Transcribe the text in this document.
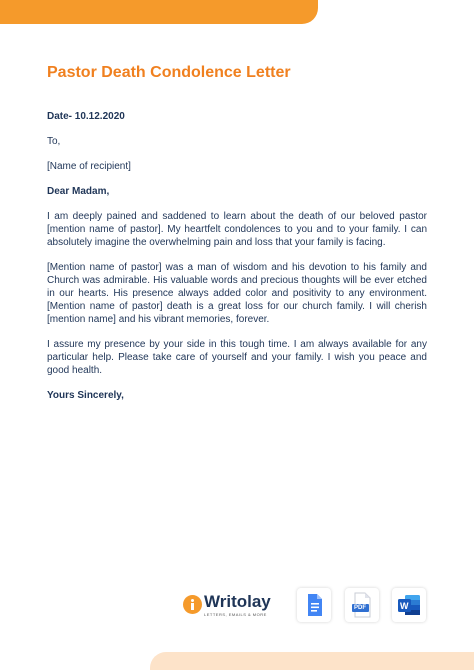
Pastor Death Condolence Letter

Date- 10.12.2020

To,

[Name of recipient]

Dear Madam,

I am deeply pained and saddened to learn about the death of our beloved pastor [mention name of pastor]. My heartfelt condolences to you and to your family. I can absolutely imagine the overwhelming pain and loss that your family is facing.

[Mention name of pastor] was a man of wisdom and his devotion to his family and Church was admirable. His valuable words and precious thoughts will be ever etched in our hearts. His presence always added color and positivity to any environment. [Mention name of pastor] death is a great loss for our church family. I will cherish [mention name] and his vibrant memories, forever.

I assure my presence by your side in this tough time. I am always available for any particular help. Please take care of yourself and your family. I wish you peace and good health.

Yours Sincerely,

Writolay
LETTERS, EMAILS & MORE
PDF	W
